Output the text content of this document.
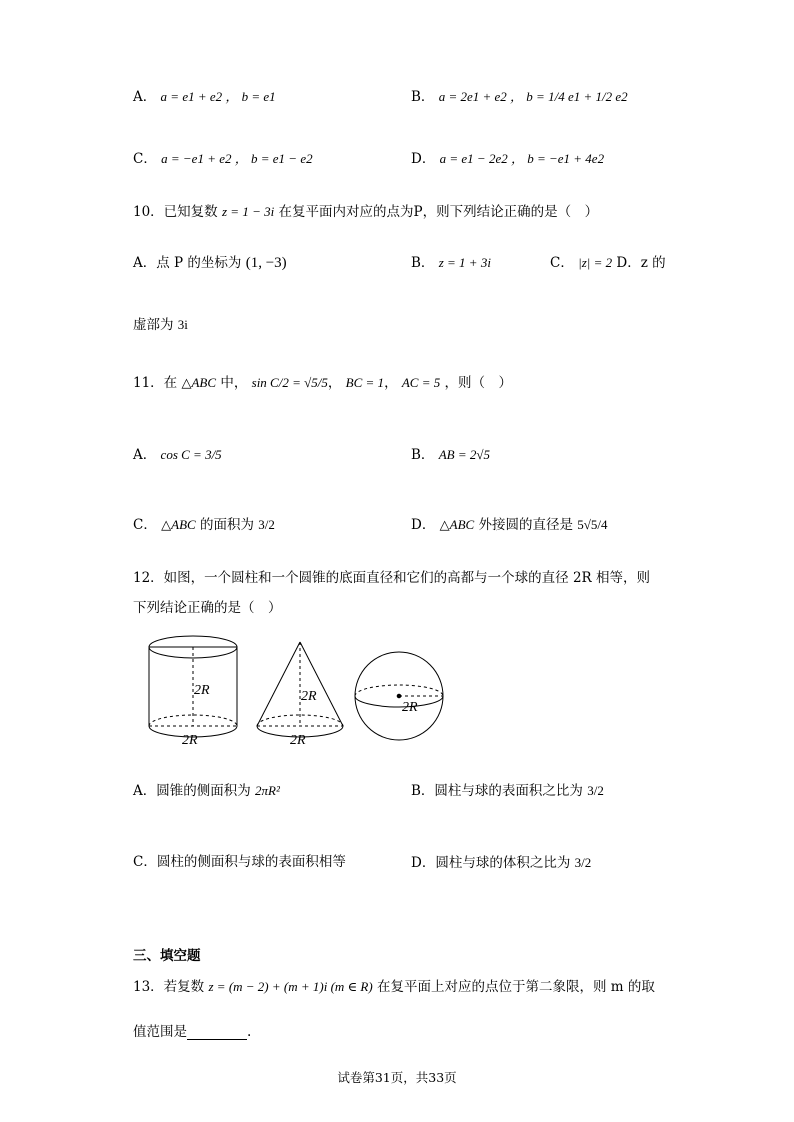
A． a = e1 + e2 ， b = e1	B． a = 2e1 + e2 ， b = 1/4 e1 + 1/2 e2
C． a = −e1 + e2 ， b = e1 − e2	D． a = e1 − 2e2 ， b = −e1 + 4e2
10．已知复数 z = 1 − 3i 在复平面内对应的点为P，则下列结论正确的是（　）
A．点 P 的坐标为 (1, −3)	B． z = 1 + 3i	C． |z| = 2 D．z 的
虚部为 3i
11．在 △ABC 中， sin C/2 = √5/5， BC = 1， AC = 5 ，则（　）
A． cos C = 3/5	B． AB = 2√5
C． △ABC 的面积为 3/2	D． △ABC 外接圆的直径是 5√5/4
12．如图，一个圆柱和一个圆锥的底面直径和它们的高都与一个球的直径 2R 相等，则
下列结论正确的是（　）
2R
2R
2R
2R
2R
A．圆锥的侧面积为 2πR²	B．圆柱与球的表面积之比为 3/2
C．圆柱的侧面积与球的表面积相等	D．圆柱与球的体积之比为 3/2
三、填空题
13．若复数 z = (m − 2) + (m + 1)i (m ∈ R) 在复平面上对应的点位于第二象限，则 m 的取
值范围是	.
试卷第31页，共33页
